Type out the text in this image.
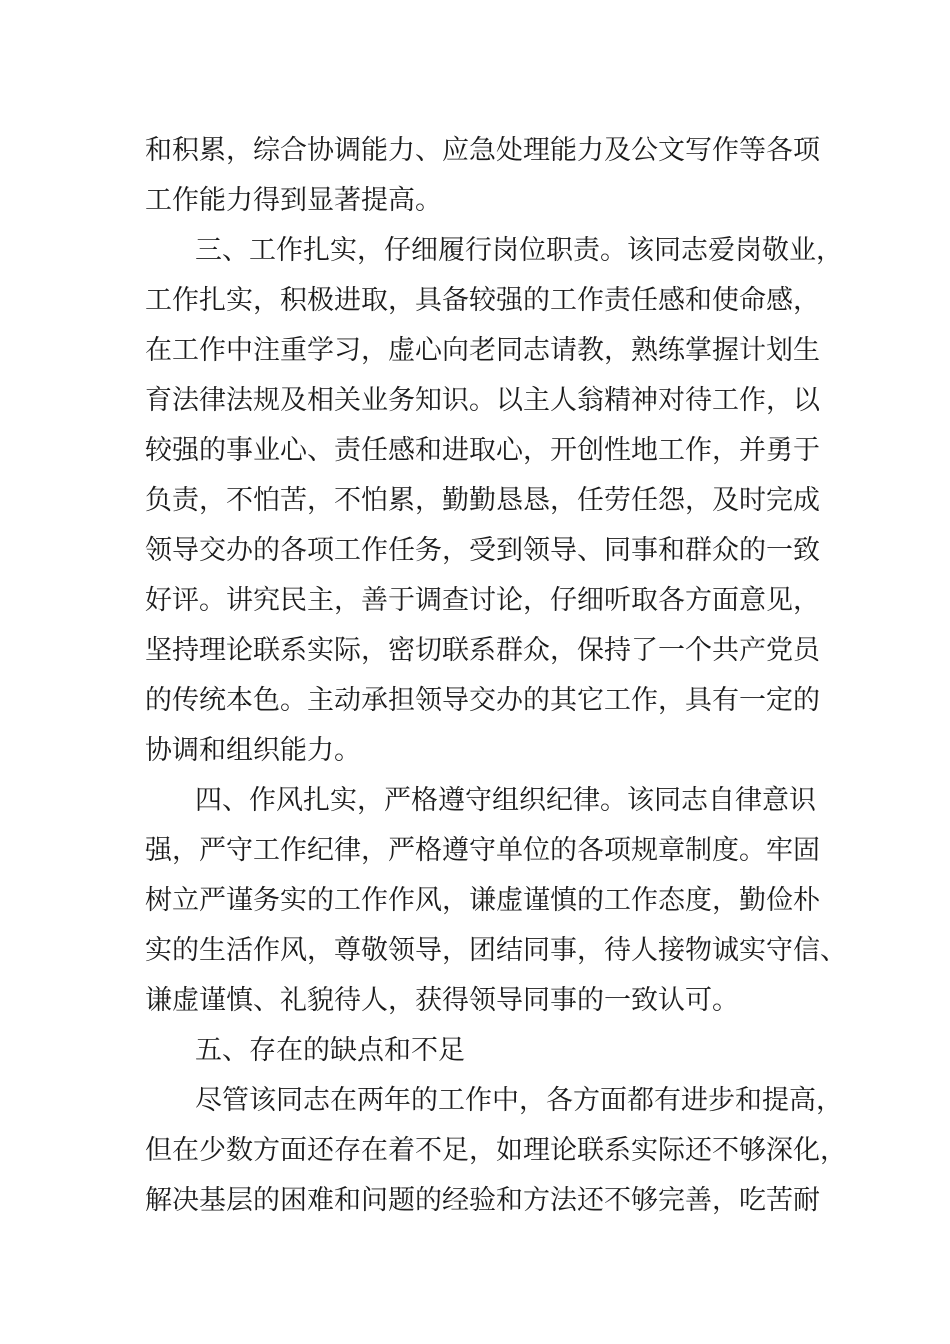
和积累，综合协调能力、应急处理能力及公文写作等各项
工作能力得到显著提高。
三、工作扎实，仔细履行岗位职责。该同志爱岗敬业，
工作扎实，积极进取，具备较强的工作责任感和使命感，
在工作中注重学习，虚心向老同志请教，熟练掌握计划生
育法律法规及相关业务知识。以主人翁精神对待工作，以
较强的事业心、责任感和进取心，开创性地工作，并勇于
负责，不怕苦，不怕累，勤勤恳恳，任劳任怨，及时完成
领导交办的各项工作任务，受到领导、同事和群众的一致
好评。讲究民主，善于调查讨论，仔细听取各方面意见，
坚持理论联系实际，密切联系群众，保持了一个共产党员
的传统本色。主动承担领导交办的其它工作，具有一定的
协调和组织能力。
四、作风扎实，严格遵守组织纪律。该同志自律意识
强，严守工作纪律，严格遵守单位的各项规章制度。牢固
树立严谨务实的工作作风，谦虚谨慎的工作态度，勤俭朴
实的生活作风，尊敬领导，团结同事，待人接物诚实守信、
谦虚谨慎、礼貌待人，获得领导同事的一致认可。
五、存在的缺点和不足
尽管该同志在两年的工作中，各方面都有进步和提高，
但在少数方面还存在着不足，如理论联系实际还不够深化，
解决基层的困难和问题的经验和方法还不够完善，吃苦耐
